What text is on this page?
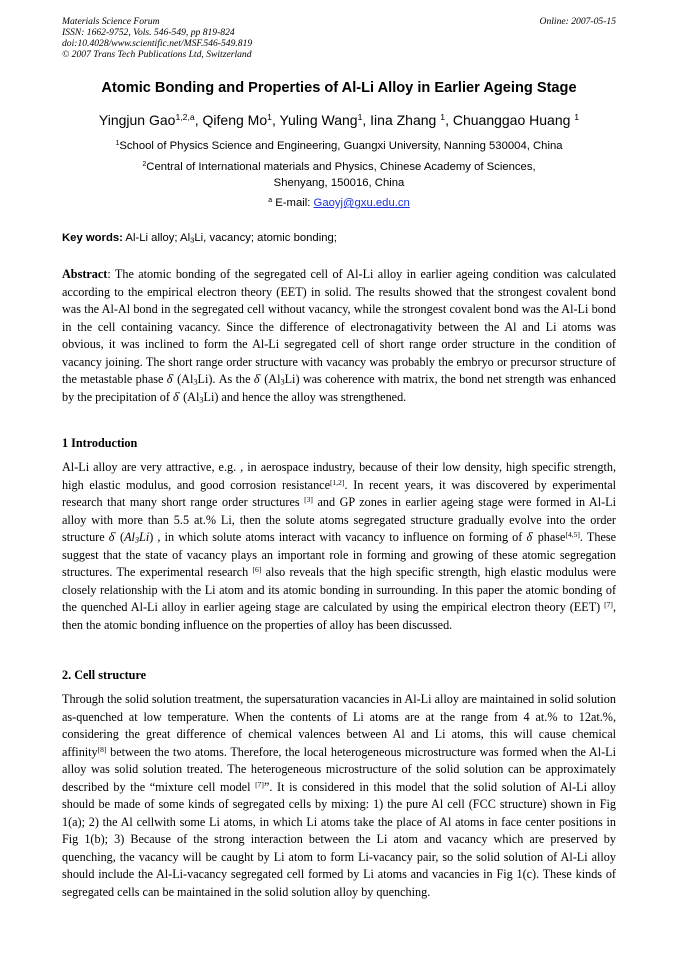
Materials Science Forum
ISSN: 1662-9752, Vols. 546-549, pp 819-824
doi:10.4028/www.scientific.net/MSF.546-549.819
© 2007 Trans Tech Publications Ltd, Switzerland
Online: 2007-05-15
Atomic Bonding and Properties of Al-Li Alloy in Earlier Ageing Stage
Yingjun Gao$^{1,2,a}$, Qifeng Mo$^1$, Yuling Wang$^1$, Iina Zhang $^1$, Chuanggao Huang $^1$
$^1$School of Physics Science and Engineering, Guangxi University, Nanning 530004, China
$^2$Central of International materials and Physics, Chinese Academy of Sciences,
Shenyang, 150016, China
$^a$ E-mail: Gaoyj@gxu.edu.cn
Key words: Al-Li alloy; $Al_3Li$, vacancy; atomic bonding;
Abstract: The atomic bonding of the segregated cell of Al-Li alloy in earlier ageing condition was calculated according to the empirical electron theory (EET) in solid. The results showed that the strongest covalent bond was the Al-Al bond in the segregated cell without vacancy, while the strongest covalent bond was the Al-Li bond in the cell containing vacancy. Since the difference of electronagativity between the Al and Li atoms was obvious, it was inclined to form the Al-Li segregated cell of short range order structure in the condition of vacancy joining. The short range order structure with vacancy was probably the embryo or precursor structure of the metastable phase δ' $(Al_3Li)$. As the δ' $(Al_3Li)$ was coherence with matrix, the bond net strength was enhanced by the precipitation of δ' $(Al_3Li)$ and hence the alloy was strengthened.
1 Introduction
Al-Li alloy are very attractive, e.g. , in aerospace industry, because of their low density, high specific strength, high elastic modulus, and good corrosion resistance[1,2]. In recent years, it was discovered by experimental research that many short range order structures [3] and GP zones in earlier ageing stage were formed in Al-Li alloy with more than 5.5 at.% Li, then the solute atoms segregated structure gradually evolve into the order structure δ' $(Al_3Li)$ , in which solute atoms interact with vacancy to influence on forming of δ' phase[4,5]. These suggest that the state of vacancy plays an important role in forming and growing of these atomic segregation structures. The experimental research [6] also reveals that the high specific strength, high elastic modulus were closely relationship with the Li atom and its atomic bonding in surrounding. In this paper the atomic bonding of the quenched Al-Li alloy in earlier ageing stage are calculated by using the empirical electron theory (EET) [7], then the atomic bonding influence on the properties of alloy has been discussed.
2. Cell structure
Through the solid solution treatment, the supersaturation vacancies in Al-Li alloy are maintained in solid solution as-quenched at low temperature. When the contents of Li atoms are at the range from 4 at.% to 12at.%, considering the great difference of chemical valences between Al and Li atoms, this will cause chemical affinity[8] between the two atoms. Therefore, the local heterogeneous microstructure was formed when the Al-Li alloy was solid solution treated. The heterogeneous microstructure of the solid solution can be approximately described by the “mixture cell model [7]”. It is considered in this model that the solid solution of Al-Li alloy should be made of some kinds of segregated cells by mixing: 1) the pure Al cell (FCC structure) shown in Fig 1(a); 2) the Al cellwith some Li atoms, in which Li atoms take the place of Al atoms in face center positions in Fig 1(b); 3) Because of the strong interaction between the Li atom and vacancy which are preserved by quenching, the vacancy will be caught by Li atom to form Li-vacancy pair, so the solid solution of Al-Li alloy should include the Al-Li-vacancy segregated cell formed by Li atoms and vacancies in Fig 1(c). These kinds of segregated cells can be maintained in the solid solution alloy by quenching.
